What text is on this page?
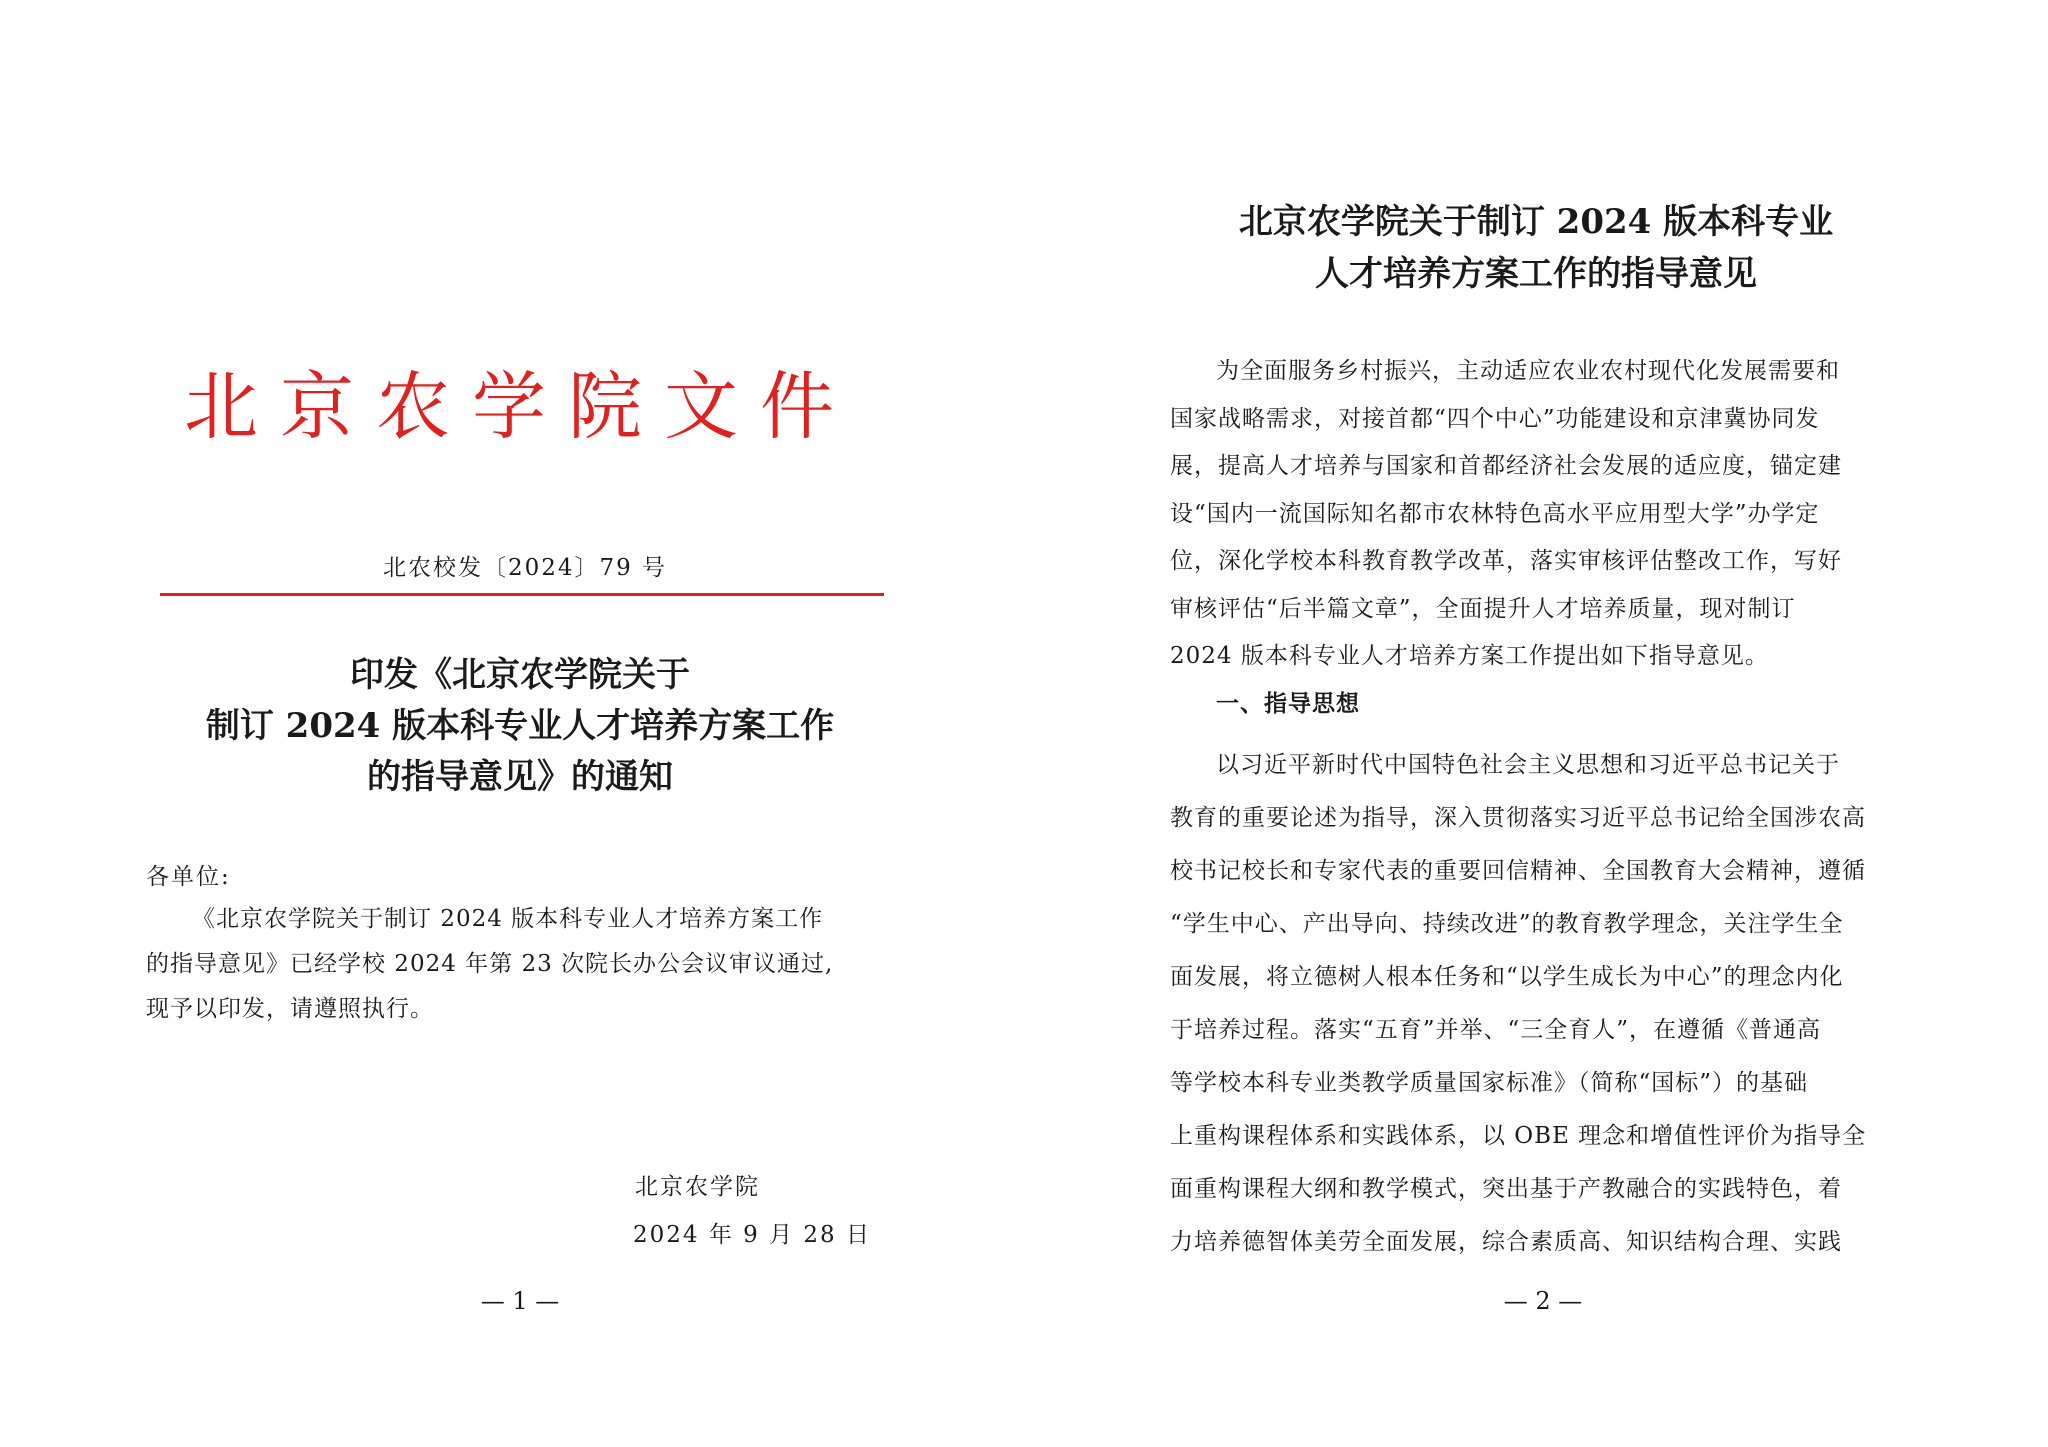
北京农学院文件
北农校发〔2024〕79 号
印发《北京农学院关于
制订 2024 版本科专业人才培养方案工作
的指导意见》的通知
各单位:
《北京农学院关于制订 2024 版本科专业人才培养方案工作
的指导意见》已经学校 2024 年第 23 次院长办公会议审议通过,
现予以印发，请遵照执行。
北京农学院
2024 年 9 月 28 日
— 1 —
北京农学院关于制订 2024 版本科专业
人才培养方案工作的指导意见
为全面服务乡村振兴，主动适应农业农村现代化发展需要和
国家战略需求，对接首都“四个中心”功能建设和京津冀协同发
展，提高人才培养与国家和首都经济社会发展的适应度，锚定建
设“国内一流国际知名都市农林特色高水平应用型大学”办学定
位，深化学校本科教育教学改革，落实审核评估整改工作，写好
审核评估“后半篇文章”，全面提升人才培养质量，现对制订
2024 版本科专业人才培养方案工作提出如下指导意见。
一、指导思想
以习近平新时代中国特色社会主义思想和习近平总书记关于
教育的重要论述为指导，深入贯彻落实习近平总书记给全国涉农高
校书记校长和专家代表的重要回信精神、全国教育大会精神，遵循
“学生中心、产出导向、持续改进”的教育教学理念，关注学生全
面发展，将立德树人根本任务和“以学生成长为中心”的理念内化
于培养过程。落实“五育”并举、“三全育人”，在遵循《普通高
等学校本科专业类教学质量国家标准》（简称“国标”）的基础
上重构课程体系和实践体系，以 OBE 理念和增值性评价为指导全
面重构课程大纲和教学模式，突出基于产教融合的实践特色，着
力培养德智体美劳全面发展，综合素质高、知识结构合理、实践
— 2 —
